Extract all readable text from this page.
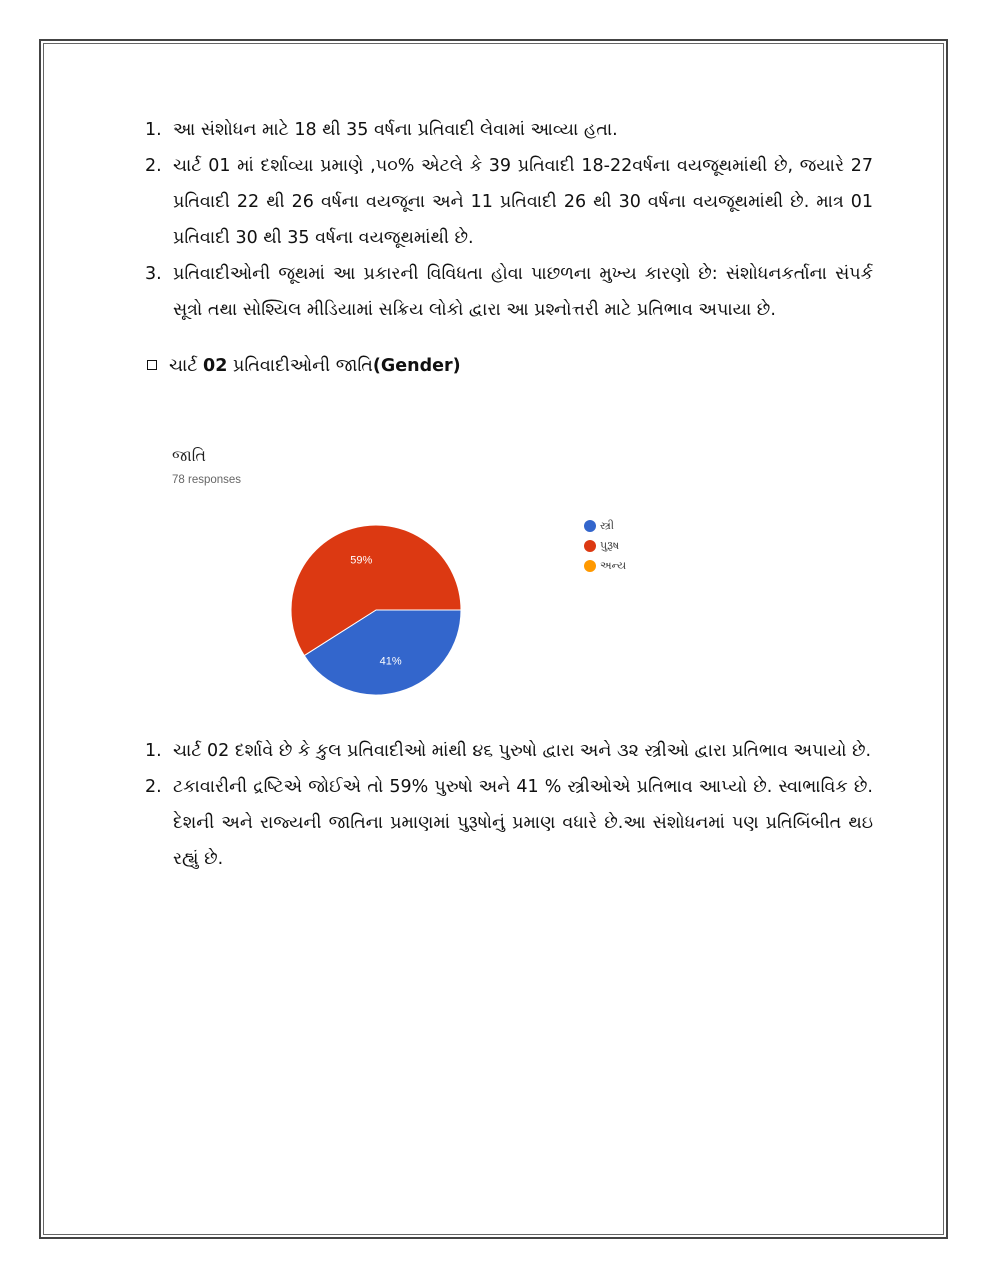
1. આ સંશોધન માટે 18 થી 35 વર્ષના પ્રતિવાદી લેવામાં આવ્યા હતા.
2. ચાર્ટ 01 માં દર્શાવ્યા પ્રમાણે ,૫૦% એટલે કે 39 પ્રતિવાદી 18-22વર્ષના વયજૂથમાંથી છે, જયારે 27 પ્રતિવાદી 22 થી 26 વર્ષના વયજૂના અને 11 પ્રતિવાદી 26 થી 30 વર્ષના વયજૂથમાંથી છે. માત્ર 01 પ્રતિવાદી 30 થી 35 વર્ષના વયજૂથમાંથી છે.
3. પ્રતિવાદીઓની જૂથમાં આ પ્રકારની વિવિધતા હોવા પાછળના મુખ્ય કારણો છે: સંશોધનકર્તાના સંપર્ક સૂત્રો તથા સોશ્યિલ મીડિયામાં સક્રિય લોકો દ્વારા આ પ્રશ્નોત્તરી માટે પ્રતિભાવ અપાયા છે.
ચાર્ટ 02 પ્રતિવાદીઓની જાતિ(Gender)
જાતિ
78 responses
41%
59%
સ્ત્રી
પુરૂષ
અન્ય
1. ચાર્ટ 02 દર્શાવે છે કે કુલ પ્રતિવાદીઓ માંથી ૪૬ પુરુષો દ્વારા અને ૩૨ સ્ત્રીઓ દ્વારા પ્રતિભાવ અપાયો છે.
2. ટકાવારીની દ્રષ્ટિએ જોઈએ તો 59% પુરુષો અને 41 % સ્ત્રીઓએ પ્રતિભાવ આપ્યો છે. સ્વાભાવિક છે. દેશની અને રાજ્યની જાતિના પ્રમાણમાં પુરૂષોનું પ્રમાણ વધારે છે.આ સંશોધનમાં પણ પ્રતિબિંબીત થઇ રહ્યું છે.
